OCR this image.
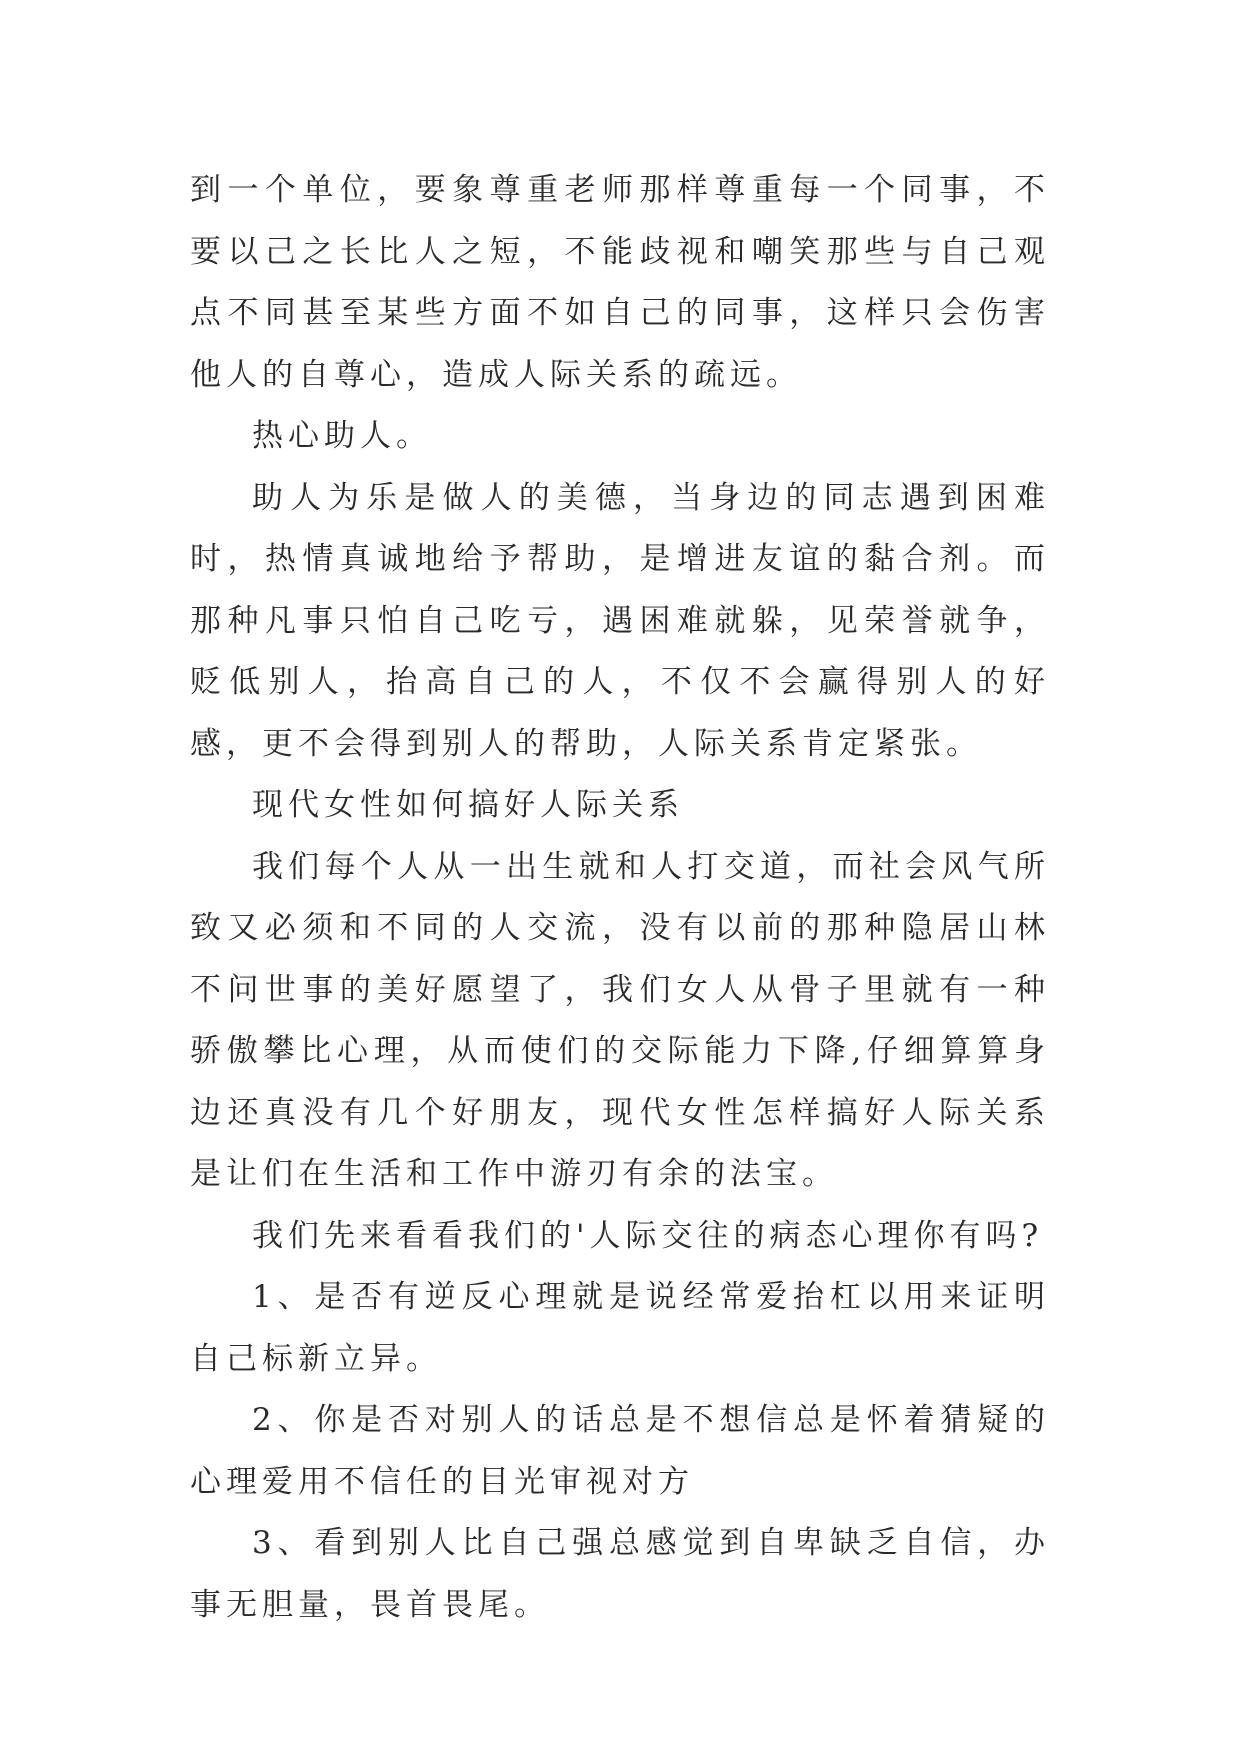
到一个单位，要象尊重老师那样尊重每一个同事，不要以己之长比人之短，不能歧视和嘲笑那些与自己观点不同甚至某些方面不如自己的同事，这样只会伤害他人的自尊心，造成人际关系的疏远。

热心助人。

助人为乐是做人的美德，当身边的同志遇到困难时，热情真诚地给予帮助，是增进友谊的黏合剂。而那种凡事只怕自己吃亏，遇困难就躲，见荣誉就争，贬低别人，抬高自己的人，不仅不会赢得别人的好感，更不会得到别人的帮助，人际关系肯定紧张。

现代女性如何搞好人际关系

我们每个人从一出生就和人打交道，而社会风气所致又必须和不同的人交流，没有以前的那种隐居山林不问世事的美好愿望了，我们女人从骨子里就有一种骄傲攀比心理，从而使们的交际能力下降,仔细算算身边还真没有几个好朋友，现代女性怎样搞好人际关系是让们在生活和工作中游刃有余的法宝。

我们先来看看我们的'人际交往的病态心理你有吗?

1、是否有逆反心理就是说经常爱抬杠以用来证明自己标新立异。

2、你是否对别人的话总是不想信总是怀着猜疑的心理爱用不信任的目光审视对方

3、看到别人比自己强总感觉到自卑缺乏自信，办事无胆量，畏首畏尾。
